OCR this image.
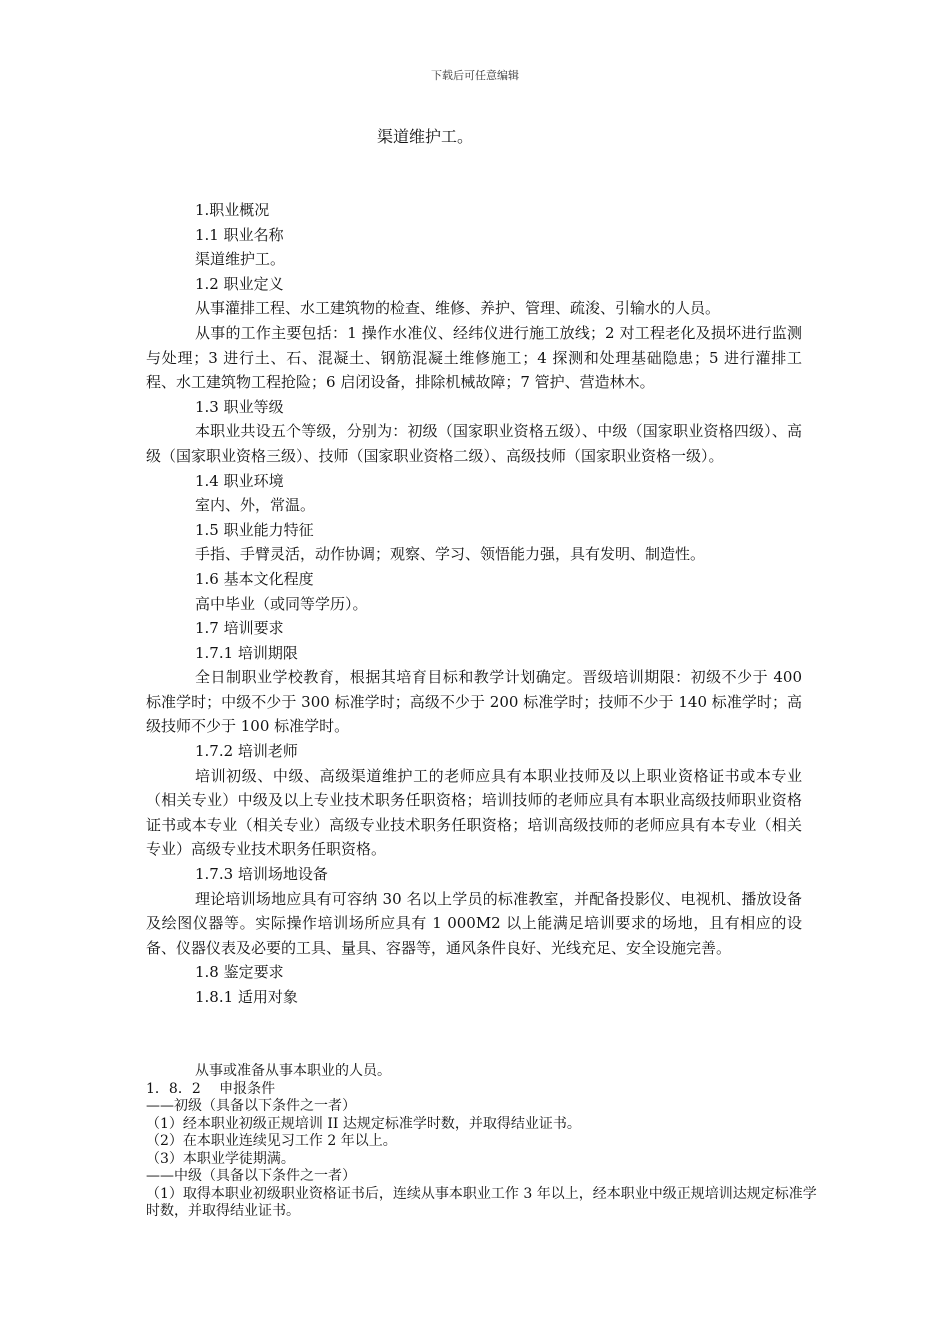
下载后可任意编辑
渠道维护工。

1.职业概况

1.1 职业名称

渠道维护工。

1.2 职业定义

从事灌排工程、水工建筑物的检查、维修、养护、管理、疏浚、引输水的人员。

从事的工作主要包括：1 操作水准仪、经纬仪进行施工放线；2 对工程老化及损坏进行监测与处理；3 进行土、石、混凝土、钢筋混凝土维修施工；4 探测和处理基础隐患；5 进行灌排工程、水工建筑物工程抢险；6 启闭设备，排除机械故障；7 管护、营造林木。

1.3 职业等级

本职业共设五个等级，分别为：初级（国家职业资格五级）、中级（国家职业资格四级）、高级（国家职业资格三级）、技师（国家职业资格二级）、高级技师（国家职业资格一级）。

1.4 职业环境

室内、外，常温。

1.5 职业能力特征

手指、手臂灵活，动作协调；观察、学习、领悟能力强，具有发明、制造性。

1.6 基本文化程度

高中毕业（或同等学历）。

1.7 培训要求

1.7.1 培训期限

全日制职业学校教育，根据其培育目标和教学计划确定。晋级培训期限：初级不少于 400 标准学时；中级不少于 300 标准学时；高级不少于 200 标准学时；技师不少于 140 标准学时；高级技师不少于 100 标准学时。

1.7.2 培训老师

培训初级、中级、高级渠道维护工的老师应具有本职业技师及以上职业资格证书或本专业（相关专业）中级及以上专业技术职务任职资格；培训技师的老师应具有本职业高级技师职业资格证书或本专业（相关专业）高级专业技术职务任职资格；培训高级技师的老师应具有本专业（相关专业）高级专业技术职务任职资格。

1.7.3 培训场地设备

理论培训场地应具有可容纳 30 名以上学员的标准教室，并配备投影仪、电视机、播放设备及绘图仪器等。实际操作培训场所应具有 1 000M2 以上能满足培训要求的场地，且有相应的设备、仪器仪表及必要的工具、量具、容器等，通风条件良好、光线充足、安全设施完善。

1.8 鉴定要求

1.8.1 适用对象

从事或准备从事本职业的人员。

1．8．2　 申报条件

——初级（具备以下条件之一者）

（1）经本职业初级正规培训 II 达规定标准学时数，并取得结业证书。

（2）在本职业连续见习工作 2 年以上。

（3）本职业学徒期满。

——中级（具备以下条件之一者）

（1）取得本职业初级职业资格证书后，连续从事本职业工作 3 年以上，经本职业中级正规培训达规定标准学时数，并取得结业证书。
